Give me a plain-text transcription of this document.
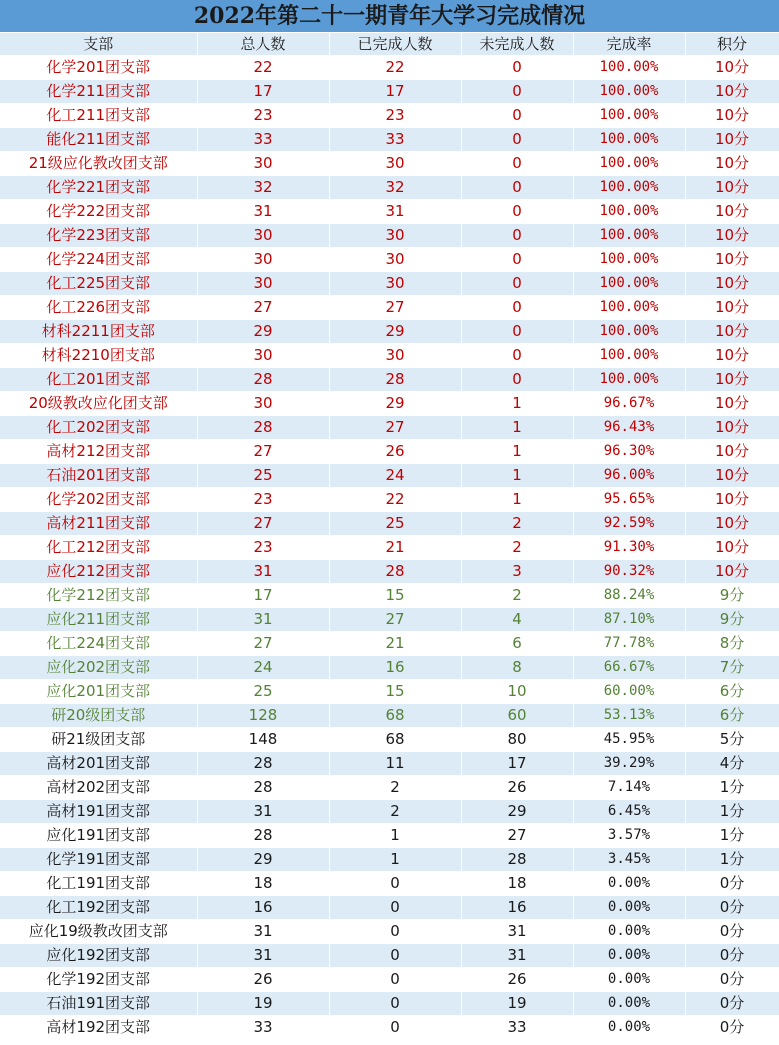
2022年第二十一期青年大学习完成情况
支部	总人数	已完成人数	未完成人数	完成率	积分
化学201团支部	22	22	0	100.00%	10分
化学211团支部	17	17	0	100.00%	10分
化工211团支部	23	23	0	100.00%	10分
能化211团支部	33	33	0	100.00%	10分
21级应化教改团支部	30	30	0	100.00%	10分
化学221团支部	32	32	0	100.00%	10分
化学222团支部	31	31	0	100.00%	10分
化学223团支部	30	30	0	100.00%	10分
化学224团支部	30	30	0	100.00%	10分
化工225团支部	30	30	0	100.00%	10分
化工226团支部	27	27	0	100.00%	10分
材科2211团支部	29	29	0	100.00%	10分
材科2210团支部	30	30	0	100.00%	10分
化工201团支部	28	28	0	100.00%	10分
20级教改应化团支部	30	29	1	96.67%	10分
化工202团支部	28	27	1	96.43%	10分
高材212团支部	27	26	1	96.30%	10分
石油201团支部	25	24	1	96.00%	10分
化学202团支部	23	22	1	95.65%	10分
高材211团支部	27	25	2	92.59%	10分
化工212团支部	23	21	2	91.30%	10分
应化212团支部	31	28	3	90.32%	10分
化学212团支部	17	15	2	88.24%	9分
应化211团支部	31	27	4	87.10%	9分
化工224团支部	27	21	6	77.78%	8分
应化202团支部	24	16	8	66.67%	7分
应化201团支部	25	15	10	60.00%	6分
研20级团支部	128	68	60	53.13%	6分
研21级团支部	148	68	80	45.95%	5分
高材201团支部	28	11	17	39.29%	4分
高材202团支部	28	2	26	7.14%	1分
高材191团支部	31	2	29	6.45%	1分
应化191团支部	28	1	27	3.57%	1分
化学191团支部	29	1	28	3.45%	1分
化工191团支部	18	0	18	0.00%	0分
化工192团支部	16	0	16	0.00%	0分
应化19级教改团支部	31	0	31	0.00%	0分
应化192团支部	31	0	31	0.00%	0分
化学192团支部	26	0	26	0.00%	0分
石油191团支部	19	0	19	0.00%	0分
高材192团支部	33	0	33	0.00%	0分
